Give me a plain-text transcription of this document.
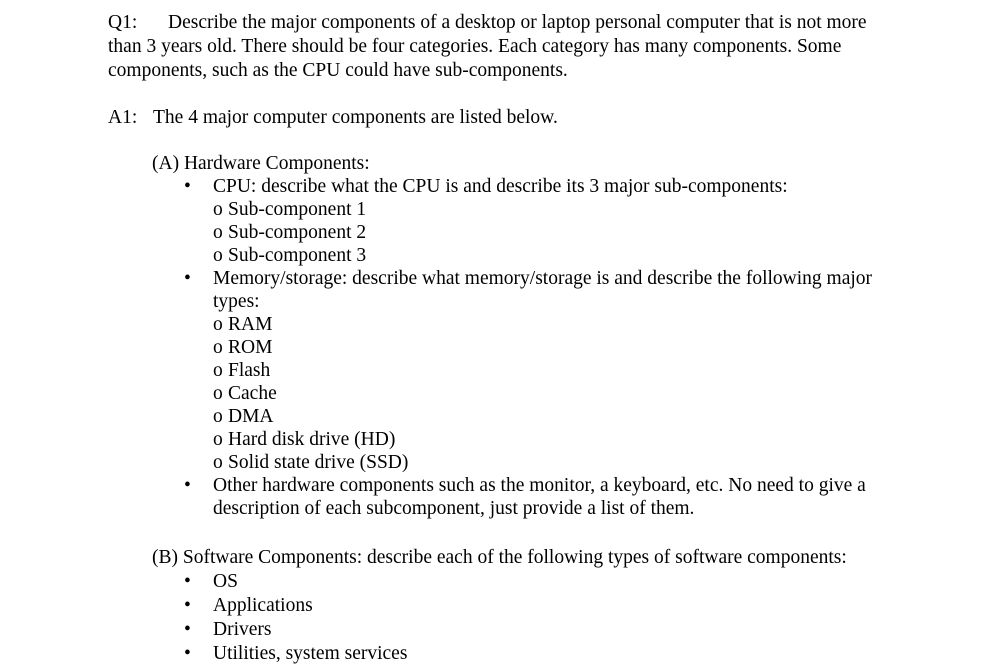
Q1: Describe the major components of a desktop or laptop personal computer that is not more than 3 years old. There should be four categories. Each category has many components. Some components, such as the CPU could have sub-components.
A1: The 4 major computer components are listed below.
(A) Hardware Components:
• CPU: describe what the CPU is and describe its 3 major sub-components:
o Sub-component 1
o Sub-component 2
o Sub-component 3
• Memory/storage: describe what memory/storage is and describe the following major types:
o RAM
o ROM
o Flash
o Cache
o DMA
o Hard disk drive (HD)
o Solid state drive (SSD)
• Other hardware components such as the monitor, a keyboard, etc. No need to give a description of each subcomponent, just provide a list of them.
(B) Software Components: describe each of the following types of software components:
• OS
• Applications
• Drivers
• Utilities, system services
